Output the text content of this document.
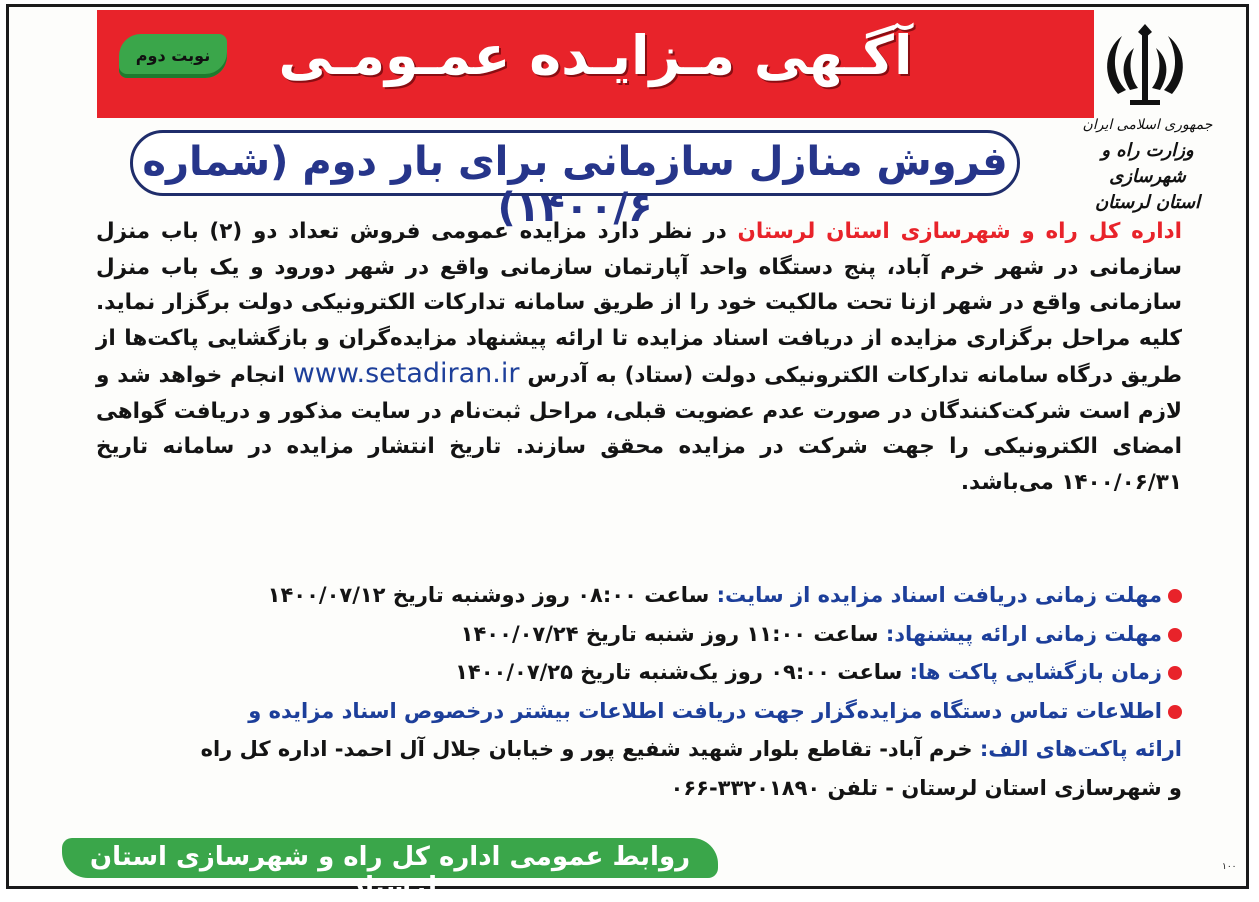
آگـهی مـزایـده عمـومـی
نوبت دوم
جمهوری اسلامی ایران
وزارت راه و شهرسازی
استان لرستان
فروش منازل سازمانی برای بار دوم (شماره ۱۴۰۰/۶)
اداره کل راه و شهرسازی استان لرستان در نظر دارد مزایده عمومی فروش تعداد دو (۲) باب منزل سازمانی در شهر خرم آباد، پنج دستگاه واحد آپارتمان سازمانی واقع در شهر دورود و یک باب منزل سازمانی واقع در شهر ازنا تحت مالکیت خود را از طریق سامانه تدارکات الکترونیکی دولت برگزار نماید. کلیه مراحل برگزاری مزایده از دریافت اسناد مزایده تا ارائه پیشنهاد مزایده‌گران و بازگشایی پاکت‌ها از طریق درگاه سامانه تدارکات الکترونیکی دولت (ستاد) به آدرس www.setadiran.ir انجام خواهد شد و لازم است شرکت‌کنندگان در صورت عدم عضویت قبلی، مراحل ثبت‌نام در سایت مذکور و دریافت گواهی امضای الکترونیکی را جهت شرکت در مزایده محقق سازند. تاریخ انتشار مزایده در سامانه تاریخ ۱۴۰۰/۰۶/۳۱ می‌باشد.
مهلت زمانی دریافت اسناد مزایده از سایت: ساعت ۰۸:۰۰ روز دوشنبه تاریخ ۱۴۰۰/۰۷/۱۲
مهلت زمانی ارائه پیشنهاد: ساعت ۱۱:۰۰ روز شنبه تاریخ ۱۴۰۰/۰۷/۲۴
زمان بازگشایی پاکت ها: ساعت ۰۹:۰۰ روز یک‌شنبه تاریخ ۱۴۰۰/۰۷/۲۵
اطلاعات تماس دستگاه مزایده‌گزار جهت دریافت اطلاعات بیشتر درخصوص اسناد مزایده و
ارائه پاکت‌های الف: خرم آباد- تقاطع بلوار شهید شفیع پور و خیابان جلال آل احمد- اداره کل راه
و شهرسازی استان لرستان - تلفن ۳۳۲۰۱۸۹۰-۰۶۶
روابط عمومی اداره کل راه و شهرسازی استان لرستان
۱۰۰
